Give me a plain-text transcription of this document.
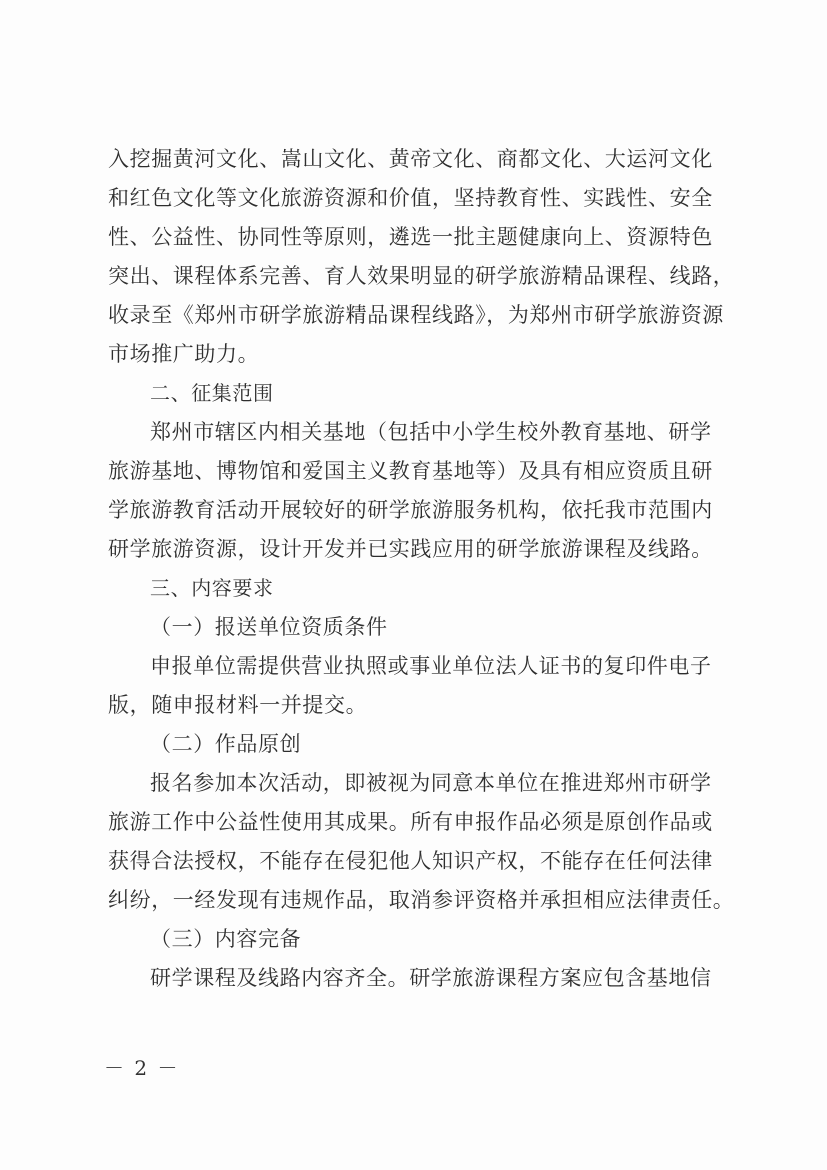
入挖掘黄河文化、嵩山文化、黄帝文化、商都文化、大运河文化
和红色文化等文化旅游资源和价值，坚持教育性、实践性、安全
性、公益性、协同性等原则，遴选一批主题健康向上、资源特色
突出、课程体系完善、育人效果明显的研学旅游精品课程、线路，
收录至《郑州市研学旅游精品课程线路》，为郑州市研学旅游资源
市场推广助力。
二、征集范围
郑州市辖区内相关基地（包括中小学生校外教育基地、研学
旅游基地、博物馆和爱国主义教育基地等）及具有相应资质且研
学旅游教育活动开展较好的研学旅游服务机构，依托我市范围内
研学旅游资源，设计开发并已实践应用的研学旅游课程及线路。
三、内容要求
（一）报送单位资质条件
申报单位需提供营业执照或事业单位法人证书的复印件电子
版，随申报材料一并提交。
（二）作品原创
报名参加本次活动，即被视为同意本单位在推进郑州市研学
旅游工作中公益性使用其成果。所有申报作品必须是原创作品或
获得合法授权，不能存在侵犯他人知识产权，不能存在任何法律
纠纷，一经发现有违规作品，取消参评资格并承担相应法律责任。
（三）内容完备
研学课程及线路内容齐全。研学旅游课程方案应包含基地信
－ 2 －
